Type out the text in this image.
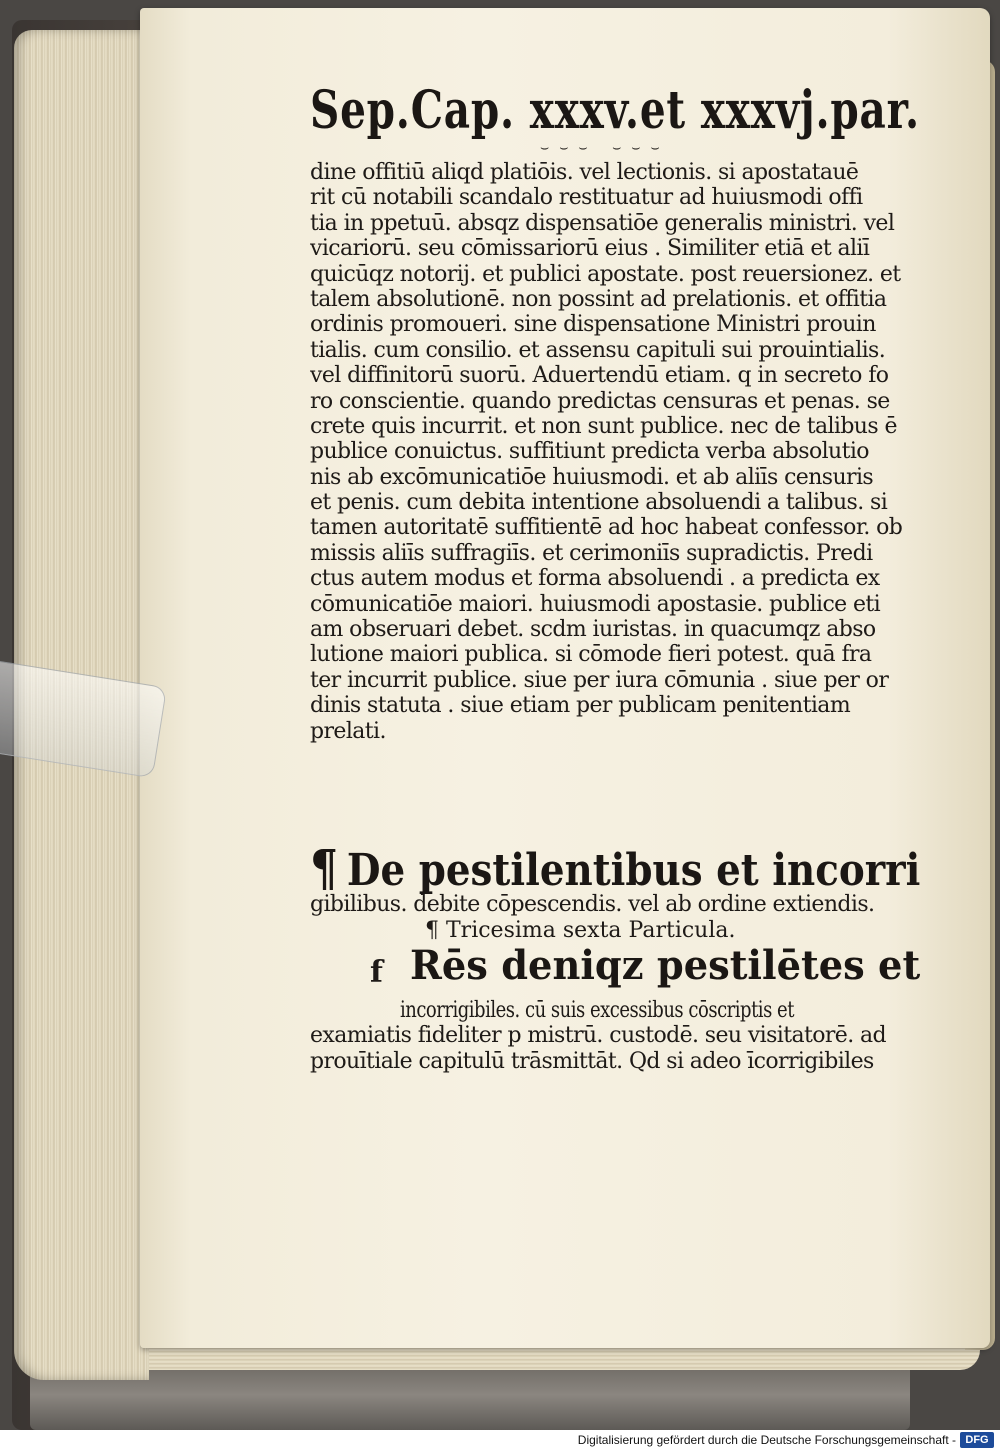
Sep.Cap. xxxv.et xxxvj.par.
⌣⌣⌣ ⌣⌣⌣
dine offitiū aliqd platiōis. vel lectionis. si apostatauē
rit cū notabili scandalo restituatur ad huiusmodi offi
tia in ppetuū. absqz dispensatiōe generalis ministri. vel
vicariorū. seu cōmissariorū eius . Similiter etiā et aliī
quicūqz notorij. et publici apostate. post reuersionez. et
talem absolutionē. non possint ad prelationis. et offitia
ordinis promoueri. sine dispensatione Ministri prouin
tialis. cum consilio. et assensu capituli sui prouintialis.
vel diffinitorū suorū. Aduertendū etiam. q in secreto fo
ro conscientie. quando predictas censuras et penas. se
crete quis incurrit. et non sunt publice. nec de talibus ē
publice conuictus. suffitiunt predicta verba absolutio
nis ab excōmunicatiōe huiusmodi. et ab aliīs censuris
et penis. cum debita intentione absoluendi a talibus. si
tamen autoritatē suffitientē ad hoc habeat confessor. ob
missis aliīs suffragiīs. et cerimoniīs supradictis. Predi
ctus autem modus et forma absoluendi . a predicta ex
cōmunicatiōe maiori. huiusmodi apostasie. publice eti
am obseruari debet. scdm iuristas. in quacumqz abso
lutione maiori publica. si cōmode fieri potest. quā fra
ter incurrit publice. siue per iura cōmunia . siue per or
dinis statuta . siue etiam per publicam penitentiam
prelati.
¶ De pestilentibus et incorri
gibilibus. debite cōpescendis. vel ab ordine extiendis.
¶ Tricesima sexta Particula.
f Rēs deniqz pestilētes et
incorrigibiles. cū suis excessibus cōscriptis et
examiatis fideliter p mistrū. custodē. seu visitatorē. ad
prouītiale capitulū trāsmittāt. Qd si adeo īcorrigibiles
Digitalisierung gefördert durch die Deutsche Forschungsgemeinschaft - DFG
